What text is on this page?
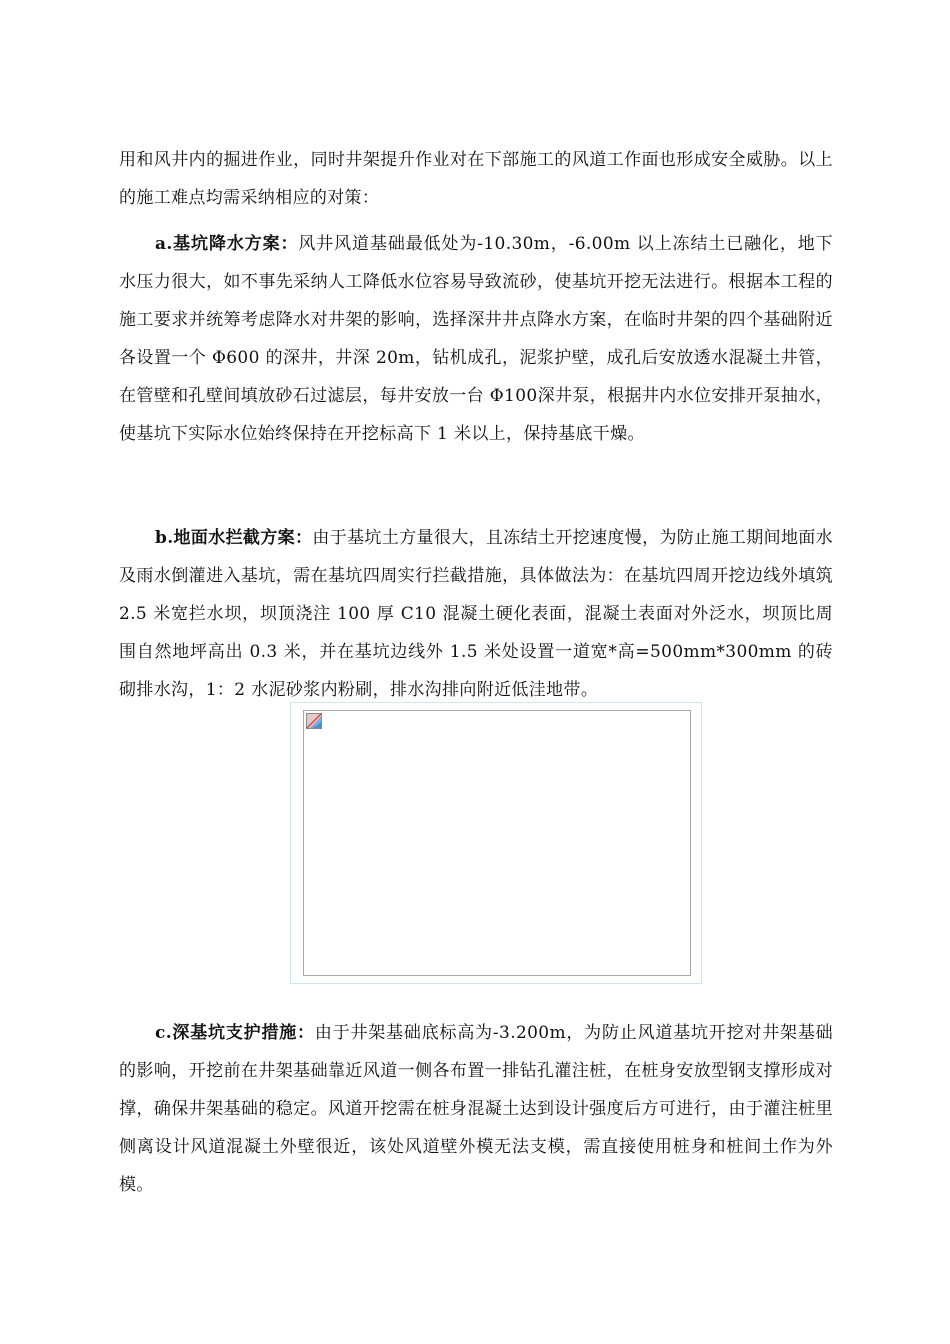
用和风井内的掘进作业，同时井架提升作业对在下部施工的风道工作面也形成安全威胁。以上的施工难点均需采纳相应的对策：

a.基坑降水方案：风井风道基础最低处为-10.30m，-6.00m 以上冻结土已融化，地下水压力很大，如不事先采纳人工降低水位容易导致流砂，使基坑开挖无法进行。根据本工程的施工要求并统筹考虑降水对井架的影响，选择深井井点降水方案，在临时井架的四个基础附近各设置一个 Φ600 的深井，井深 20m，钻机成孔，泥浆护壁，成孔后安放透水混凝土井管，在管壁和孔壁间填放砂石过滤层，每井安放一台 Φ100深井泵，根据井内水位安排开泵抽水，使基坑下实际水位始终保持在开挖标高下 1 米以上，保持基底干燥。

b.地面水拦截方案：由于基坑土方量很大，且冻结土开挖速度慢，为防止施工期间地面水及雨水倒灌进入基坑，需在基坑四周实行拦截措施，具体做法为：在基坑四周开挖边线外填筑 2.5 米宽拦水坝，坝顶浇注 100 厚 C10 混凝土硬化表面，混凝土表面对外泛水，坝顶比周围自然地坪高出 0.3 米，并在基坑边线外 1.5 米处设置一道宽*高=500mm*300mm 的砖砌排水沟，1：2 水泥砂浆内粉刷，排水沟排向附近低洼地带。

c.深基坑支护措施：由于井架基础底标高为-3.200m，为防止风道基坑开挖对井架基础的影响，开挖前在井架基础靠近风道一侧各布置一排钻孔灌注桩，在桩身安放型钢支撑形成对撑，确保井架基础的稳定。风道开挖需在桩身混凝土达到设计强度后方可进行，由于灌注桩里侧离设计风道混凝土外壁很近，该处风道壁外模无法支模，需直接使用桩身和桩间土作为外模。
